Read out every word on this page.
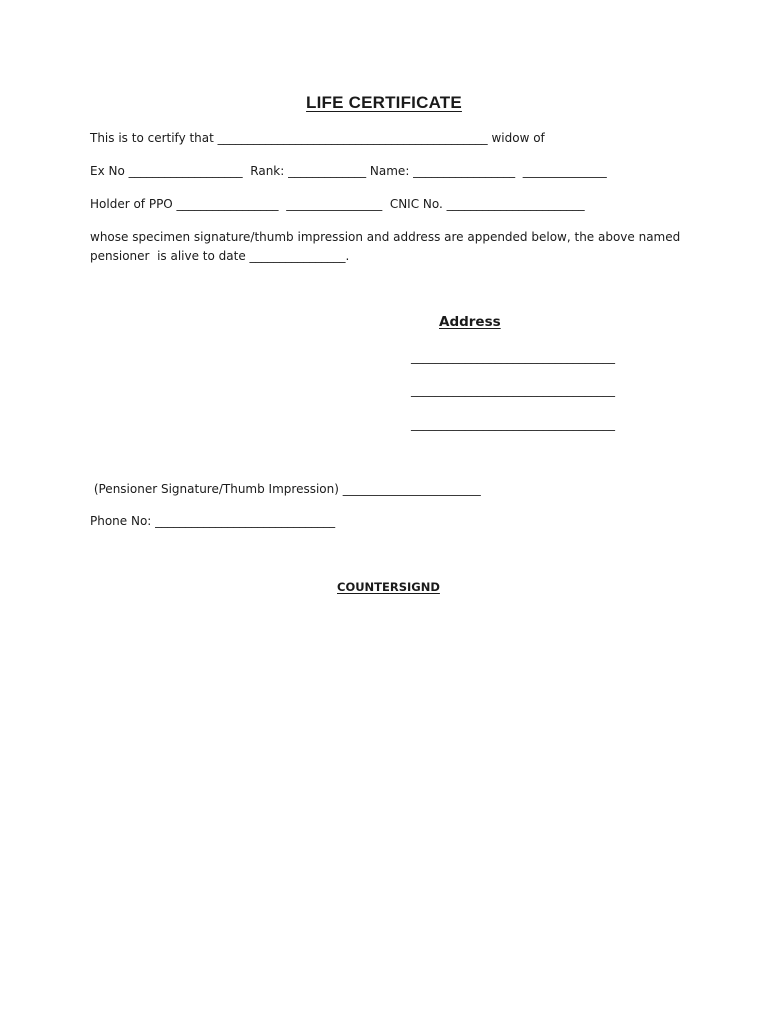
LIFE CERTIFICATE
This is to certify that _____________________________________________ widow of
Ex No ___________________  Rank: _____________ Name: _________________  ______________
Holder of PPO _________________  ________________  CNIC No. _______________________
whose specimen signature/thumb impression and address are appended below, the above named
pensioner  is alive to date ________________.
Address
__________________________________
__________________________________
__________________________________
(Pensioner Signature/Thumb Impression) _______________________
Phone No: ______________________________
COUNTERSIGND
